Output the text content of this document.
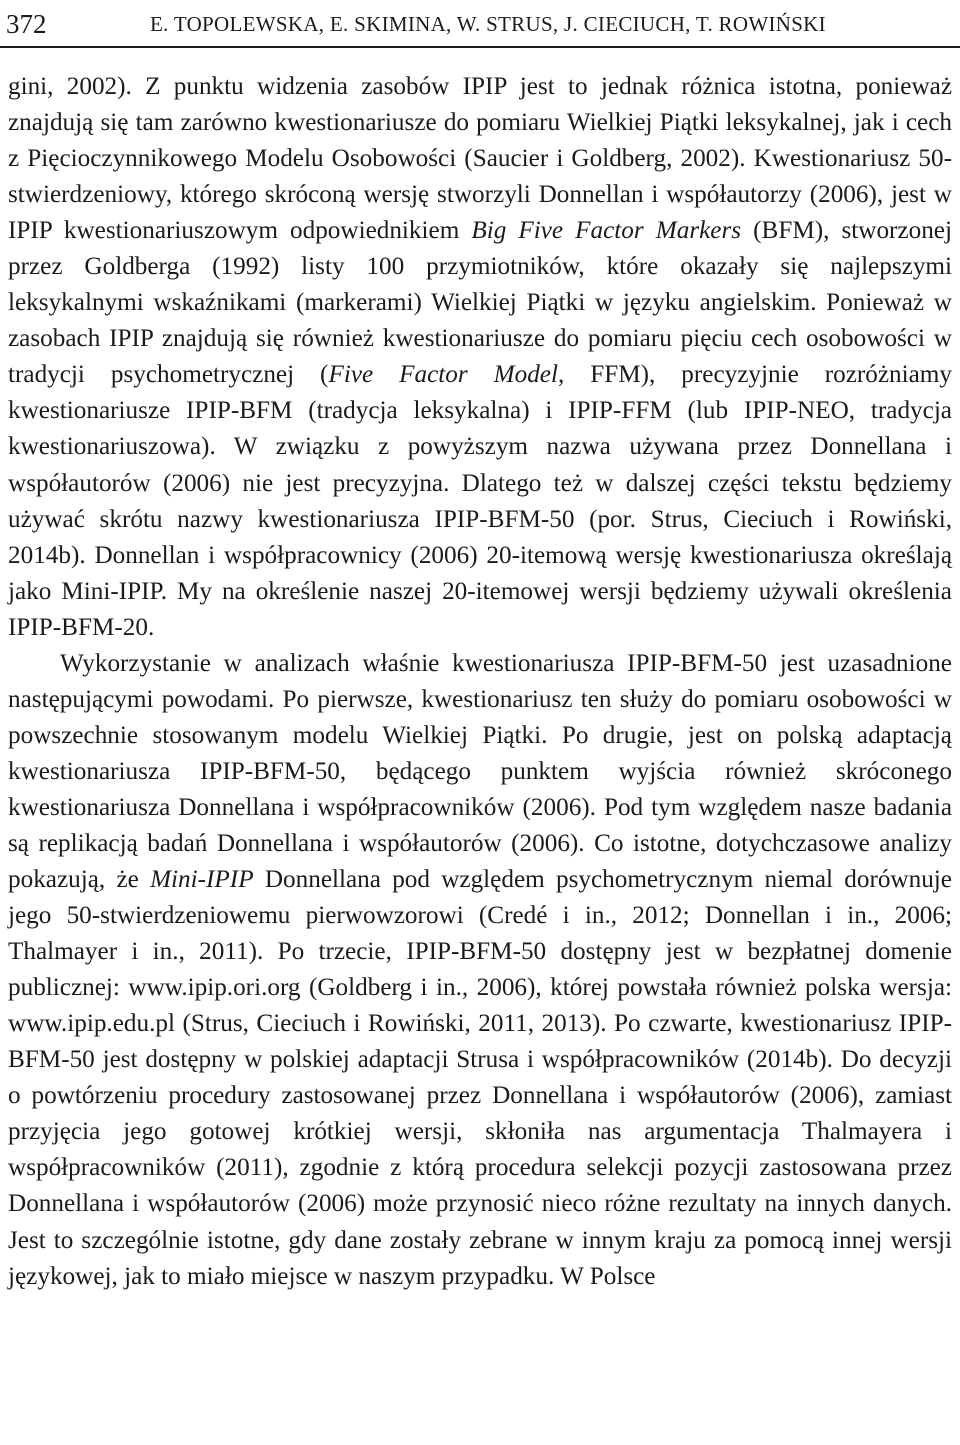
372	E. TOPOLEWSKA, E. SKIMINA, W. STRUS, J. CIECIUCH, T. ROWIŃSKI

gini, 2002). Z punktu widzenia zasobów IPIP jest to jednak różnica istotna, ponieważ znajdują się tam zarówno kwestionariusze do pomiaru Wielkiej Piątki leksykalnej, jak i cech z Pięcioczynnikowego Modelu Osobowości (Saucier i Goldberg, 2002). Kwestionariusz 50-stwierdzeniowy, którego skróconą wersję stworzyli Donnellan i współautorzy (2006), jest w IPIP kwestionariuszowym odpowiednikiem Big Five Factor Markers (BFM), stworzonej przez Goldberga (1992) listy 100 przymiotników, które okazały się najlepszymi leksykalnymi wskaźnikami (markerami) Wielkiej Piątki w języku angielskim. Ponieważ w zasobach IPIP znajdują się również kwestionariusze do pomiaru pięciu cech osobowości w tradycji psychometrycznej (Five Factor Model, FFM), precyzyjnie rozróżniamy kwestionariusze IPIP-BFM (tradycja leksykalna) i IPIP-FFM (lub IPIP-NEO, tradycja kwestionariuszowa). W związku z powyższym nazwa używana przez Donnellana i współautorów (2006) nie jest precyzyjna. Dlatego też w dalszej części tekstu będziemy używać skrótu nazwy kwestionariusza IPIP-BFM-50 (por. Strus, Cieciuch i Rowiński, 2014b). Donnellan i współpracownicy (2006) 20-itemową wersję kwestionariusza określają jako Mini-IPIP. My na określenie naszej 20-itemowej wersji będziemy używali określenia IPIP-BFM-20.

Wykorzystanie w analizach właśnie kwestionariusza IPIP-BFM-50 jest uzasadnione następującymi powodami. Po pierwsze, kwestionariusz ten służy do pomiaru osobowości w powszechnie stosowanym modelu Wielkiej Piątki. Po drugie, jest on polską adaptacją kwestionariusza IPIP-BFM-50, będącego punktem wyjścia również skróconego kwestionariusza Donnellana i współpracowników (2006). Pod tym względem nasze badania są replikacją badań Donnellana i współautorów (2006). Co istotne, dotychczasowe analizy pokazują, że Mini-IPIP Donnellana pod względem psychometrycznym niemal dorównuje jego 50-stwierdzeniowemu pierwowzorowi (Credé i in., 2012; Donnellan i in., 2006; Thalmayer i in., 2011). Po trzecie, IPIP-BFM-50 dostępny jest w bezpłatnej domenie publicznej: www.ipip.ori.org (Goldberg i in., 2006), której powstała również polska wersja: www.ipip.edu.pl (Strus, Cieciuch i Rowiński, 2011, 2013). Po czwarte, kwestionariusz IPIP-BFM-50 jest dostępny w polskiej adaptacji Strusa i współpracowników (2014b). Do decyzji o powtórzeniu procedury zastosowanej przez Donnellana i współautorów (2006), zamiast przyjęcia jego gotowej krótkiej wersji, skłoniła nas argumentacja Thalmayera i współpracowników (2011), zgodnie z którą procedura selekcji pozycji zastosowana przez Donnellana i współautorów (2006) może przynosić nieco różne rezultaty na innych danych. Jest to szczególnie istotne, gdy dane zostały zebrane w innym kraju za pomocą innej wersji językowej, jak to miało miejsce w naszym przypadku. W Polsce
